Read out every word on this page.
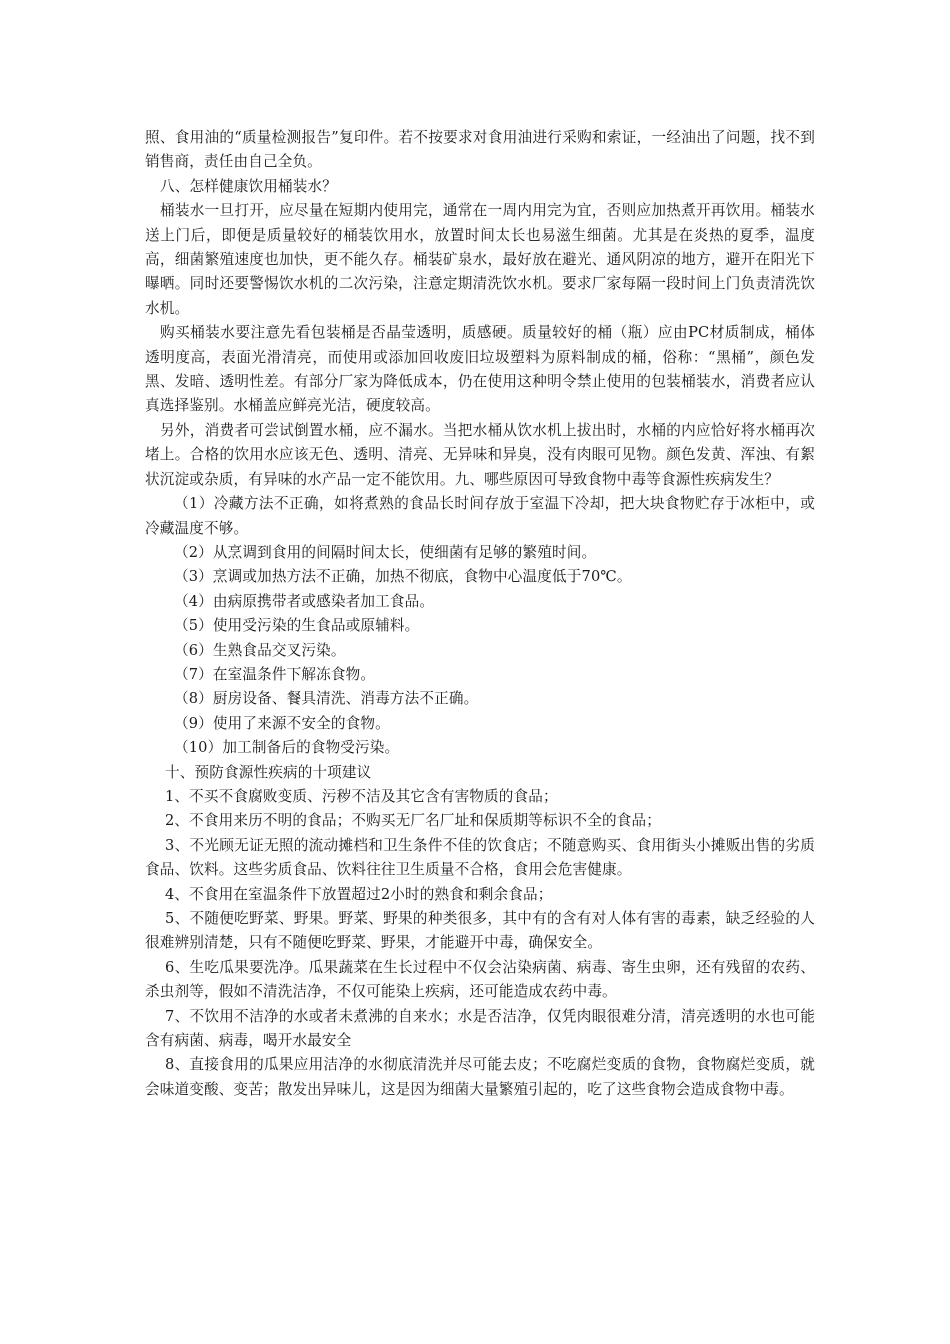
照、食用油的“质量检测报告”复印件。若不按要求对食用油进行采购和索证，一经油出了问题，找不到销售商，责任由自己全负。

八、怎样健康饮用桶装水？

桶装水一旦打开，应尽量在短期内使用完，通常在一周内用完为宜，否则应加热煮开再饮用。桶装水送上门后，即便是质量较好的桶装饮用水，放置时间太长也易滋生细菌。尤其是在炎热的夏季，温度高，细菌繁殖速度也加快，更不能久存。桶装矿泉水，最好放在避光、通风阴凉的地方，避开在阳光下曝晒。同时还要警惕饮水机的二次污染，注意定期清洗饮水机。要求厂家每隔一段时间上门负责清洗饮水机。

购买桶装水要注意先看包装桶是否晶莹透明，质感硬。质量较好的桶（瓶）应由PC材质制成，桶体透明度高，表面光滑清亮，而使用或添加回收废旧垃圾塑料为原料制成的桶，俗称：“黑桶”，颜色发黑、发暗、透明性差。有部分厂家为降低成本，仍在使用这种明令禁止使用的包装桶装水，消费者应认真选择鉴别。水桶盖应鲜亮光洁，硬度较高。

另外，消费者可尝试倒置水桶，应不漏水。当把水桶从饮水机上拔出时，水桶的内应恰好将水桶再次堵上。合格的饮用水应该无色、透明、清亮、无异味和异臭，没有肉眼可见物。颜色发黄、浑浊、有絮状沉淀或杂质，有异味的水产品一定不能饮用。九、哪些原因可导致食物中毒等食源性疾病发生？

（1）冷藏方法不正确，如将煮熟的食品长时间存放于室温下冷却，把大块食物贮存于冰柜中，或冷藏温度不够。

（2）从烹调到食用的间隔时间太长，使细菌有足够的繁殖时间。

（3）烹调或加热方法不正确，加热不彻底，食物中心温度低于70℃。

（4）由病原携带者或感染者加工食品。

（5）使用受污染的生食品或原辅料。

（6）生熟食品交叉污染。

（7）在室温条件下解冻食物。

（8）厨房设备、餐具清洗、消毒方法不正确。

（9）使用了来源不安全的食物。

（10）加工制备后的食物受污染。

十、预防食源性疾病的十项建议

1、不买不食腐败变质、污秽不洁及其它含有害物质的食品；

2、不食用来历不明的食品；不购买无厂名厂址和保质期等标识不全的食品；

3、不光顾无证无照的流动摊档和卫生条件不佳的饮食店；不随意购买、食用街头小摊贩出售的劣质食品、饮料。这些劣质食品、饮料往往卫生质量不合格，食用会危害健康。

4、不食用在室温条件下放置超过2小时的熟食和剩余食品；

5、不随便吃野菜、野果。野菜、野果的种类很多，其中有的含有对人体有害的毒素，缺乏经验的人很难辨别清楚，只有不随便吃野菜、野果，才能避开中毒，确保安全。

6、生吃瓜果要洗净。瓜果蔬菜在生长过程中不仅会沾染病菌、病毒、寄生虫卵，还有残留的农药、杀虫剂等，假如不清洗洁净，不仅可能染上疾病，还可能造成农药中毒。

7、不饮用不洁净的水或者未煮沸的自来水；水是否洁净，仅凭肉眼很难分清，清亮透明的水也可能含有病菌、病毒，喝开水最安全

8、直接食用的瓜果应用洁净的水彻底清洗并尽可能去皮；不吃腐烂变质的食物，食物腐烂变质，就会味道变酸、变苦；散发出异味儿，这是因为细菌大量繁殖引起的，吃了这些食物会造成食物中毒。
